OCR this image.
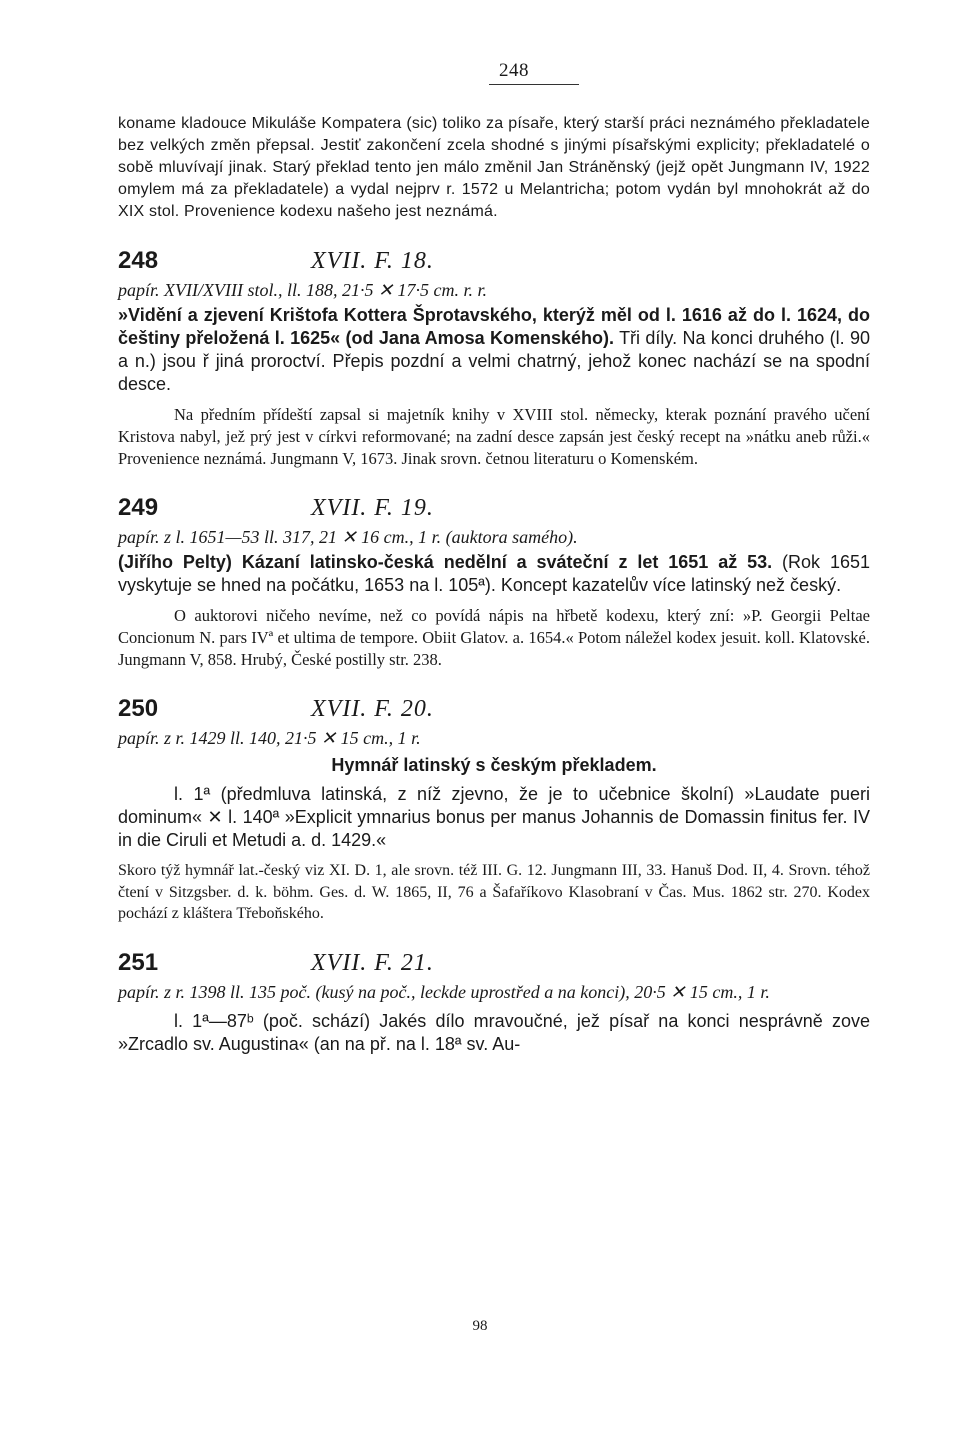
248

koname kladouce Mikuláše Kompatera (sic) toliko za písaře, který starší práci neznámého překladatele bez velkých změn přepsal. Jestiť zakončení zcela shodné s jinými písařskými explicity; překladatelé o sobě mluvívají jinak. Starý překlad tento jen málo změnil Jan Stráněnský (jejž opět Jungmann IV, 1922 omylem má za překladatele) a vydal nejprv r. 1572 u Melantricha; potom vydán byl mnohokrát až do XIX stol. Provenience kodexu našeho jest neznámá.

248	XVII. F. 18.

papír. XVII/XVIII stol., ll. 188, 21·5 ✕ 17·5 cm. r. r.

»Vidění a zjevení Krištofa Kottera Šprotavského, kterýž měl od l. 1616 až do l. 1624, do češtiny přeložená l. 1625« (od Jana Amosa Komenského). Tři díly. Na konci druhého (l. 90 a n.) jsou ř jiná proroctví. Přepis pozdní a velmi chatrný, jehož konec nachází se na spodní desce.

Na předním přídeští zapsal si majetník knihy v XVIII stol. německy, kterak poznání pravého učení Kristova nabyl, jež prý jest v církvi reformované; na zadní desce zapsán jest český recept na »nátku aneb růži.« Provenience neznámá. Jungmann V, 1673. Jinak srovn. četnou literaturu o Komenském.

249	XVII. F. 19.

papír. z l. 1651—53 ll. 317, 21 ✕ 16 cm., 1 r. (auktora samého).

(Jiřího Pelty) Kázaní latinsko-česká nedělní a sváteční z let 1651 až 53. (Rok 1651 vyskytuje se hned na počátku, 1653 na l. 105ª). Koncept kazatelův více latinský než český.

O auktorovi ničeho nevíme, než co povídá nápis na hřbetě kodexu, který zní: »P. Georgii Peltae Concionum N. pars IVª et ultima de tempore. Obiit Glatov. a. 1654.« Potom náležel kodex jesuit. koll. Klatovské. Jungmann V, 858. Hrubý, České postilly str. 238.

250	XVII. F. 20.

papír. z r. 1429 ll. 140, 21·5 ✕ 15 cm., 1 r.

Hymnář latinský s českým překladem.

l. 1ª (předmluva latinská, z níž zjevno, že je to učebnice školní) »Laudate pueri dominum« ✕ l. 140ª »Explicit ymnarius bonus per manus Johannis de Domassin finitus fer. IV in die Ciruli et Metudi a. d. 1429.«

Skoro týž hymnář lat.-český viz XI. D. 1, ale srovn. též III. G. 12. Jungmann III, 33. Hanuš Dod. II, 4. Srovn. téhož čtení v Sitzgsber. d. k. böhm. Ges. d. W. 1865, II, 76 a Šafaříkovo Klasobraní v Čas. Mus. 1862 str. 270. Kodex pochází z kláštera Třeboňského.

251	XVII. F. 21.

papír. z r. 1398 ll. 135 poč. (kusý na poč., leckde uprostřed a na konci), 20·5 ✕ 15 cm., 1 r.

l. 1ª—87ᵇ (poč. schází) Jakés dílo mravoučné, jež písař na konci nesprávně zove »Zrcadlo sv. Augustina« (an na př. na l. 18ª sv. Au-

98
